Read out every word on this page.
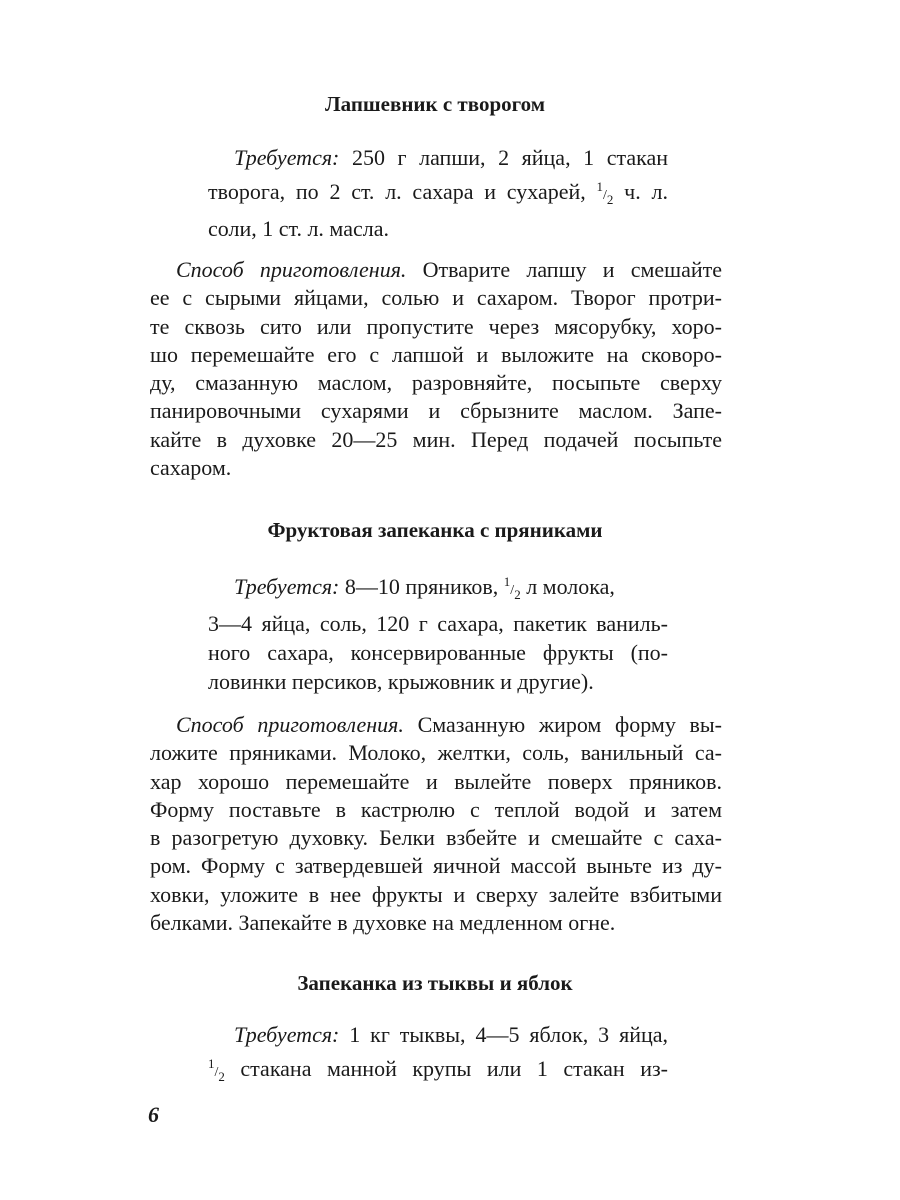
Лапшевник с творогом
Требуется: 250 г лапши, 2 яйца, 1 стакан
творога, по 2 ст. л. сахара и сухарей, $^1/_2$ ч. л.
соли, 1 ст. л. масла.
Способ приготовления. Отварите лапшу и смешайте
ее с сырыми яйцами, солью и сахаром. Творог протри-
те сквозь сито или пропустите через мясорубку, хоро-
шо перемешайте его с лапшой и выложите на сковоро-
ду, смазанную маслом, разровняйте, посыпьте сверху
панировочными сухарями и сбрызните маслом. Запе-
кайте в духовке 20—25 мин. Перед подачей посыпьте
сахаром.
Фруктовая запеканка с пряниками
Требуется: 8—10 пряников, $^1/_2$ л молока,
3—4 яйца, соль, 120 г сахара, пакетик ваниль-
ного сахара, консервированные фрукты (по-
ловинки персиков, крыжовник и другие).
Способ приготовления. Смазанную жиром форму вы-
ложите пряниками. Молоко, желтки, соль, ванильный са-
хар хорошо перемешайте и вылейте поверх пряников.
Форму поставьте в кастрюлю с теплой водой и затем
в разогретую духовку. Белки взбейте и смешайте с саха-
ром. Форму с затвердевшей яичной массой выньте из ду-
ховки, уложите в нее фрукты и сверху залейте взбитыми
белками. Запекайте в духовке на медленном огне.
Запеканка из тыквы и яблок
Требуется: 1 кг тыквы, 4—5 яблок, 3 яйца,
$^1/_2$ стакана манной крупы или 1 стакан из-
6
